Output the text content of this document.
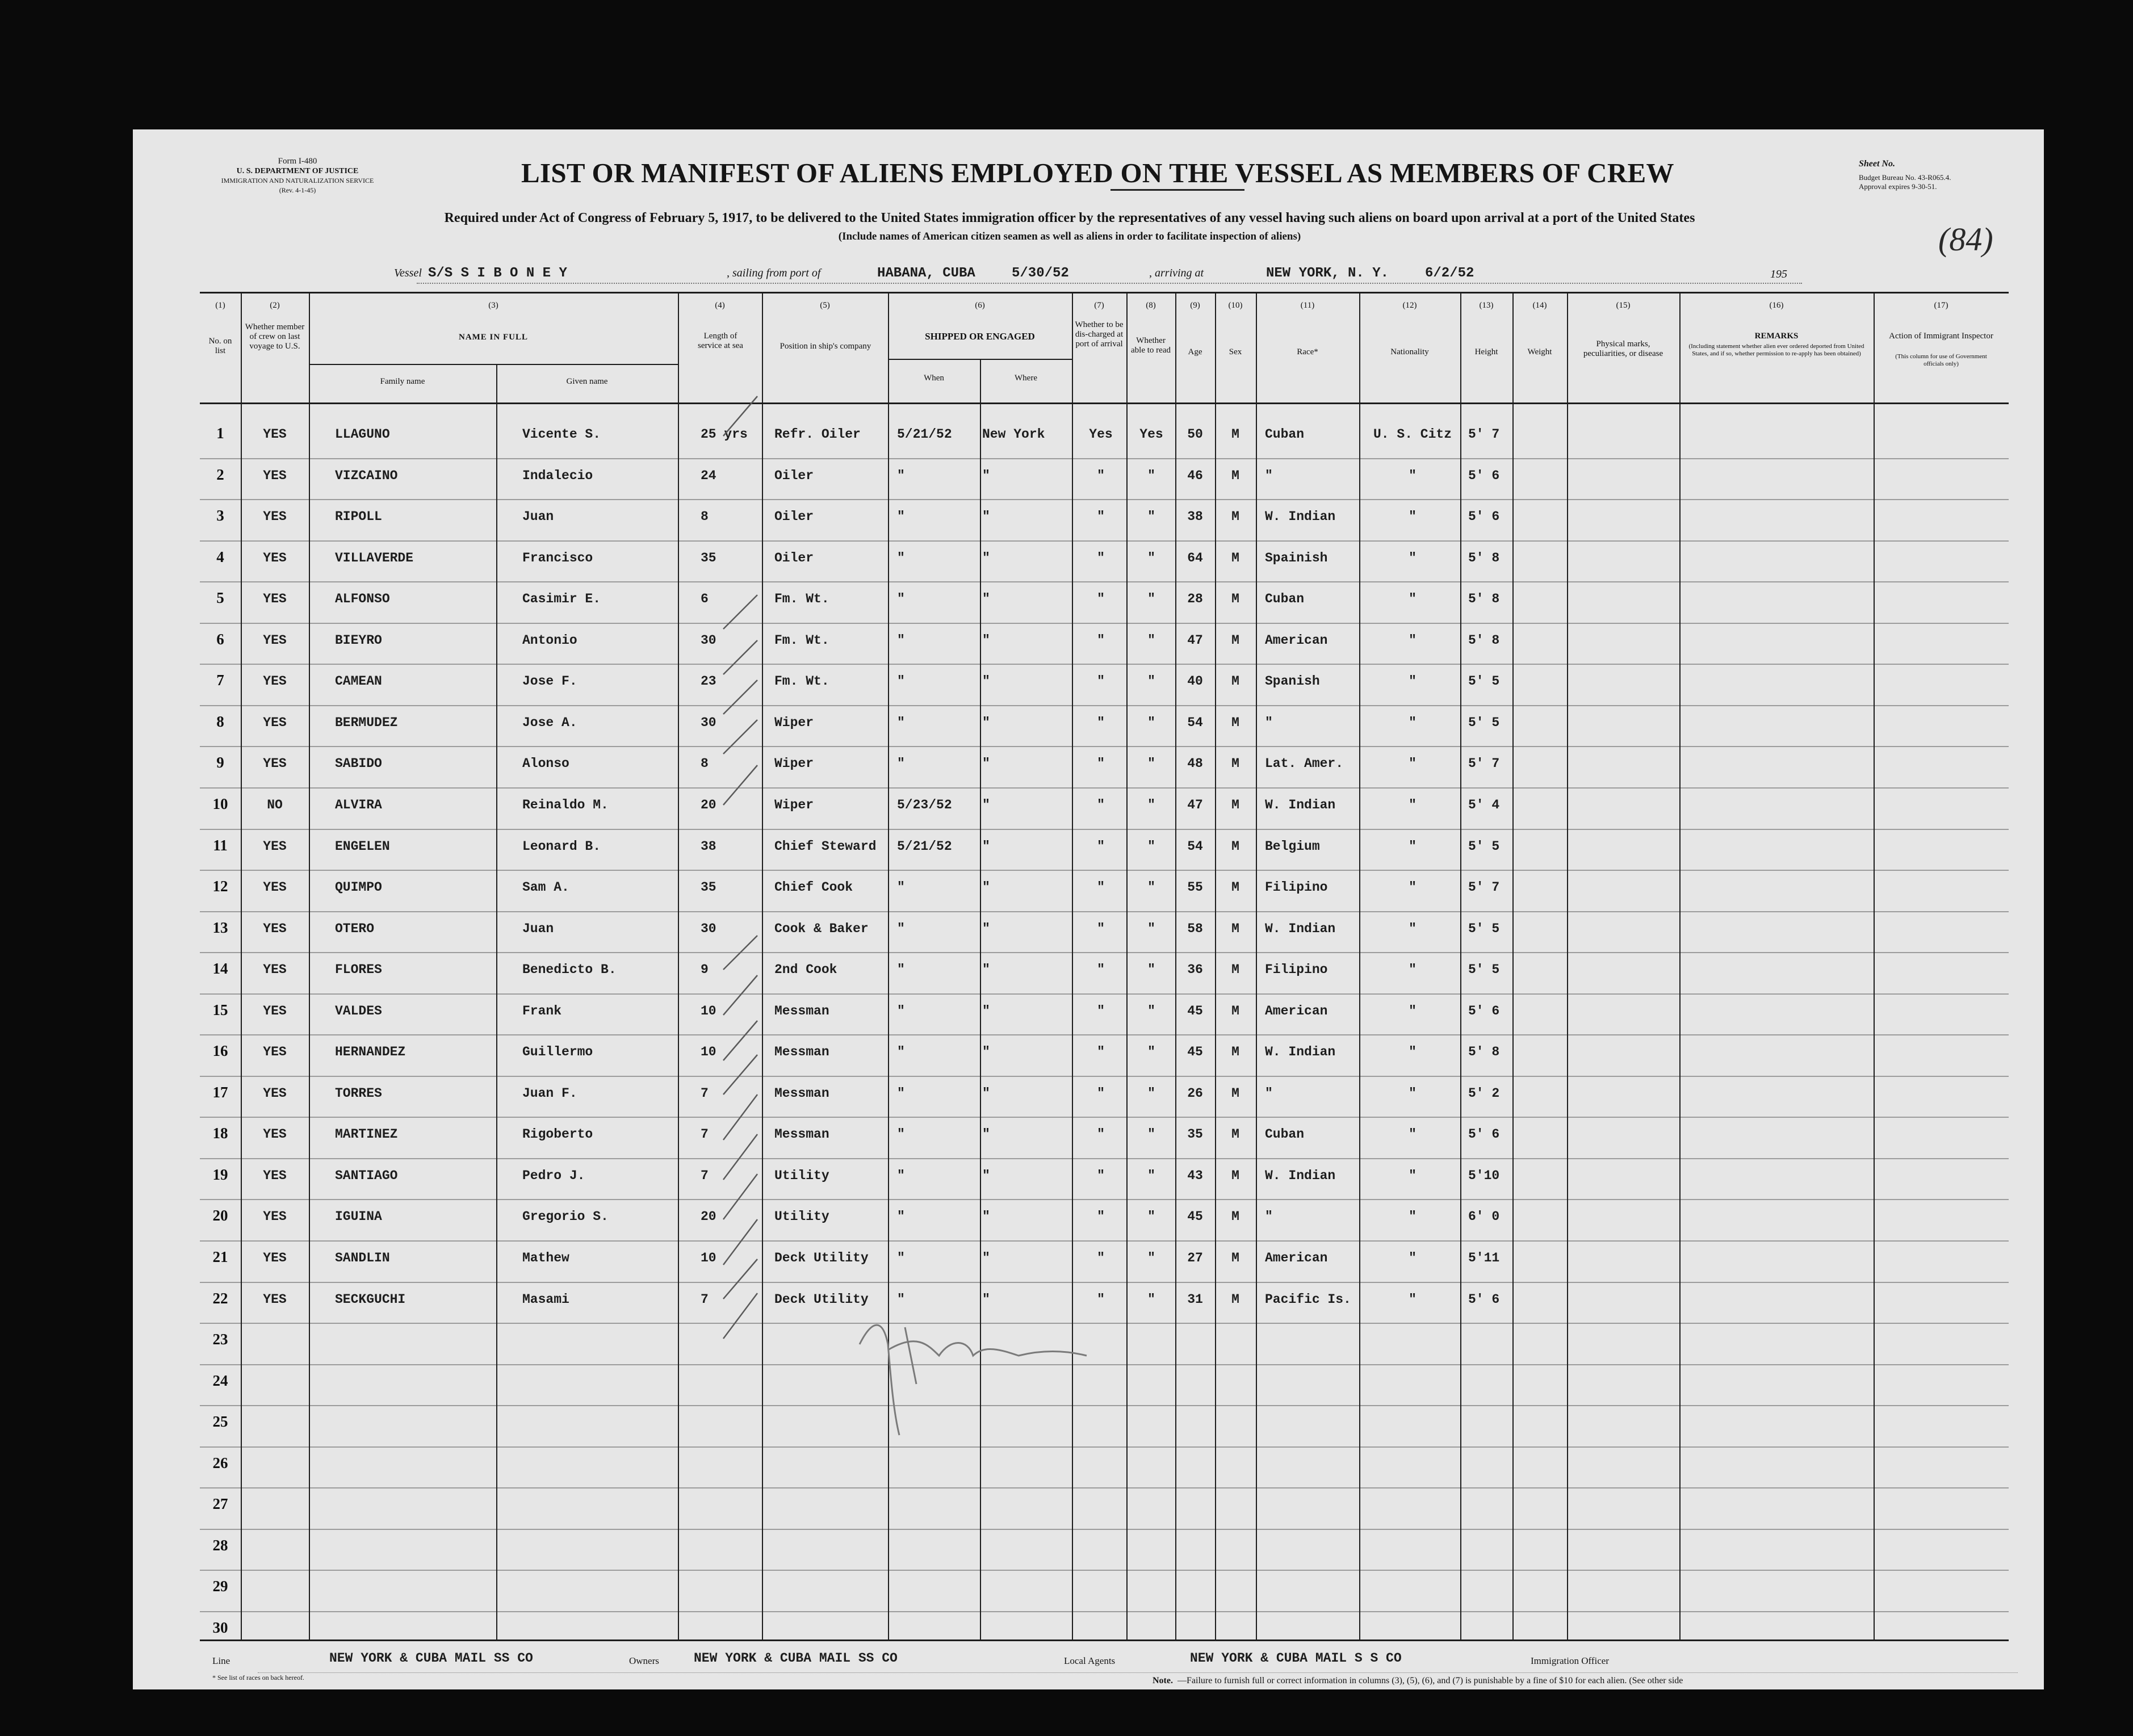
Form I-480
U. S. DEPARTMENT OF JUSTICE
IMMIGRATION AND NATURALIZATION SERVICE
(Rev. 4-1-45)
LIST OR MANIFEST OF ALIENS EMPLOYED ON THE VESSEL AS MEMBERS OF CREW	Sheet No.
Budget Bureau No. 43-R065.4.
Approval expires 9-30-51.
(84)
Required under Act of Congress of February 5, 1917, to be delivered to the United States immigration officer by the representatives of any vessel having such aliens on board upon arrival at a port of the United States
(Include names of American citizen seamen as well as aliens in order to facilitate inspection of aliens)
Vessel S/S S I B O N E Y	, sailing from port of	HABANA, CUBA	5/30/52	, arriving at	NEW YORK, N. Y.	6/2/52	195
(1)	(2)	(3)	(4)	(5)	(6)	(7)	(8)	(9)	(10)	(11)	(12)	(13)	(14)	(15)	(16)	(17)
No. on list
Whether member of crew on last voyage to U.S.
NAME IN FULL
Family name	Given name
Length of service at sea	Position in ship's company
SHIPPED OR ENGAGED
When	Where
Whether to be dis-charged at port of arrival	Whether able to read	Age	Sex	Race*	Nationality	Height	Weight
Physical marks, peculiarities, or disease
REMARKS
(Including statement whether alien ever ordered deported from United States, and if so, whether permission to re-apply has been obtained)
Action of Immigrant Inspector
(This column for use of Government officials only)
1	YES	LLAGUNO	Vicente S.	25 yrs	Refr. Oiler	5/21/52	New York	Yes	Yes	50	M	Cuban	U. S. Citz	5' 7
2	YES	VIZCAINO	Indalecio	24	Oiler	"	"	"	"	46	M	"	"	5' 6
3	YES	RIPOLL	Juan	8	Oiler	"	"	"	"	38	M	W. Indian	"	5' 6
4	YES	VILLAVERDE	Francisco	35	Oiler	"	"	"	"	64	M	Spainish	"	5' 8
5	YES	ALFONSO	Casimir E.	6	Fm. Wt.	"	"	"	"	28	M	Cuban	"	5' 8
6	YES	BIEYRO	Antonio	30	Fm. Wt.	"	"	"	"	47	M	American	"	5' 8
7	YES	CAMEAN	Jose F.	23	Fm. Wt.	"	"	"	"	40	M	Spanish	"	5' 5
8	YES	BERMUDEZ	Jose A.	30	Wiper	"	"	"	"	54	M	"	"	5' 5
9	YES	SABIDO	Alonso	8	Wiper	"	"	"	"	48	M	Lat. Amer.	"	5' 7
10	NO	ALVIRA	Reinaldo M.	20	Wiper	5/23/52	"	"	"	47	M	W. Indian	"	5' 4
11	YES	ENGELEN	Leonard B.	38	Chief Steward	5/21/52	"	"	"	54	M	Belgium	"	5' 5
12	YES	QUIMPO	Sam A.	35	Chief Cook	"	"	"	"	55	M	Filipino	"	5' 7
13	YES	OTERO	Juan	30	Cook & Baker	"	"	"	"	58	M	W. Indian	"	5' 5
14	YES	FLORES	Benedicto B.	9	2nd Cook	"	"	"	"	36	M	Filipino	"	5' 5
15	YES	VALDES	Frank	10	Messman	"	"	"	"	45	M	American	"	5' 6
16	YES	HERNANDEZ	Guillermo	10	Messman	"	"	"	"	45	M	W. Indian	"	5' 8
17	YES	TORRES	Juan F.	7	Messman	"	"	"	"	26	M	"	"	5' 2
18	YES	MARTINEZ	Rigoberto	7	Messman	"	"	"	"	35	M	Cuban	"	5' 6
19	YES	SANTIAGO	Pedro J.	7	Utility	"	"	"	"	43	M	W. Indian	"	5'10
20	YES	IGUINA	Gregorio S.	20	Utility	"	"	"	"	45	M	"	"	6' 0
21	YES	SANDLIN	Mathew	10	Deck Utility	"	"	"	"	27	M	American	"	5'11
22	YES	SECKGUCHI	Masami	7	Deck Utility	"	"	"	"	31	M	Pacific Is.	"	5' 6
23
24
25
26
27
28
29
30
Line	NEW YORK & CUBA MAIL SS CO	Owners	NEW YORK & CUBA MAIL SS CO	Local Agents	NEW YORK & CUBA MAIL S S CO	Immigration Officer
* See list of races on back hereof.	Note. —Failure to furnish full or correct information in columns (3), (5), (6), and (7) is punishable by a fine of $10 for each alien. (See other side
